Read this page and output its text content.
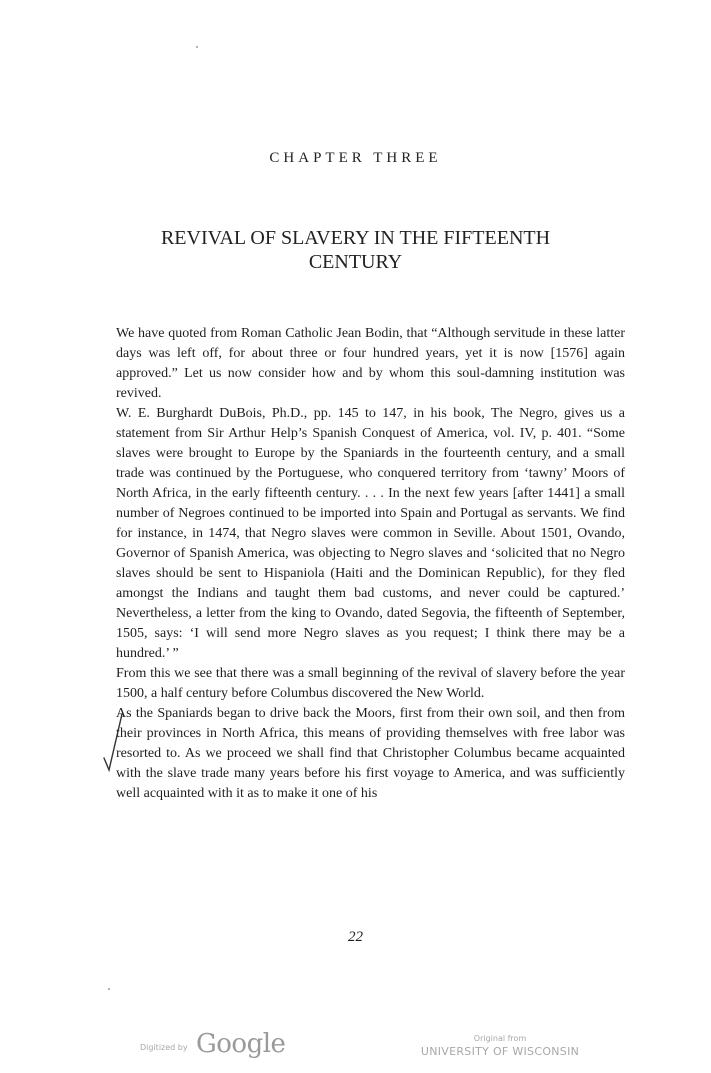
CHAPTER THREE
REVIVAL OF SLAVERY IN THE FIFTEENTH
CENTURY

We have quoted from Roman Catholic Jean Bodin, that “Although servitude in these latter days was left off, for about three or four hundred years, yet it is now [1576] again approved.” Let us now consider how and by whom this soul-damning institution was revived.

W. E. Burghardt DuBois, Ph.D., pp. 145 to 147, in his book, The Negro, gives us a statement from Sir Arthur Help’s Spanish Conquest of America, vol. IV, p. 401. “Some slaves were brought to Europe by the Spaniards in the fourteenth century, and a small trade was continued by the Portuguese, who conquered territory from ‘tawny’ Moors of North Africa, in the early fifteenth century. . . . In the next few years [after 1441] a small number of Negroes continued to be imported into Spain and Portugal as servants. We find for instance, in 1474, that Negro slaves were common in Seville. About 1501, Ovando, Governor of Spanish America, was objecting to Negro slaves and ‘solicited that no Negro slaves should be sent to Hispaniola (Haiti and the Dominican Republic), for they fled amongst the Indians and taught them bad customs, and never could be captured.’ Nevertheless, a letter from the king to Ovando, dated Segovia, the fifteenth of September, 1505, says: ‘I will send more Negro slaves as you request; I think there may be a hundred.’ ”

From this we see that there was a small beginning of the revival of slavery before the year 1500, a half century before Columbus discovered the New World.

As the Spaniards began to drive back the Moors, first from their own soil, and then from their provinces in North Africa, this means of providing themselves with free labor was resorted to. As we proceed we shall find that Christopher Columbus became acquainted with the slave trade many years before his first voyage to America, and was sufficiently well acquainted with it as to make it one of his

22
Digitized by Google	Original from
UNIVERSITY OF WISCONSIN
